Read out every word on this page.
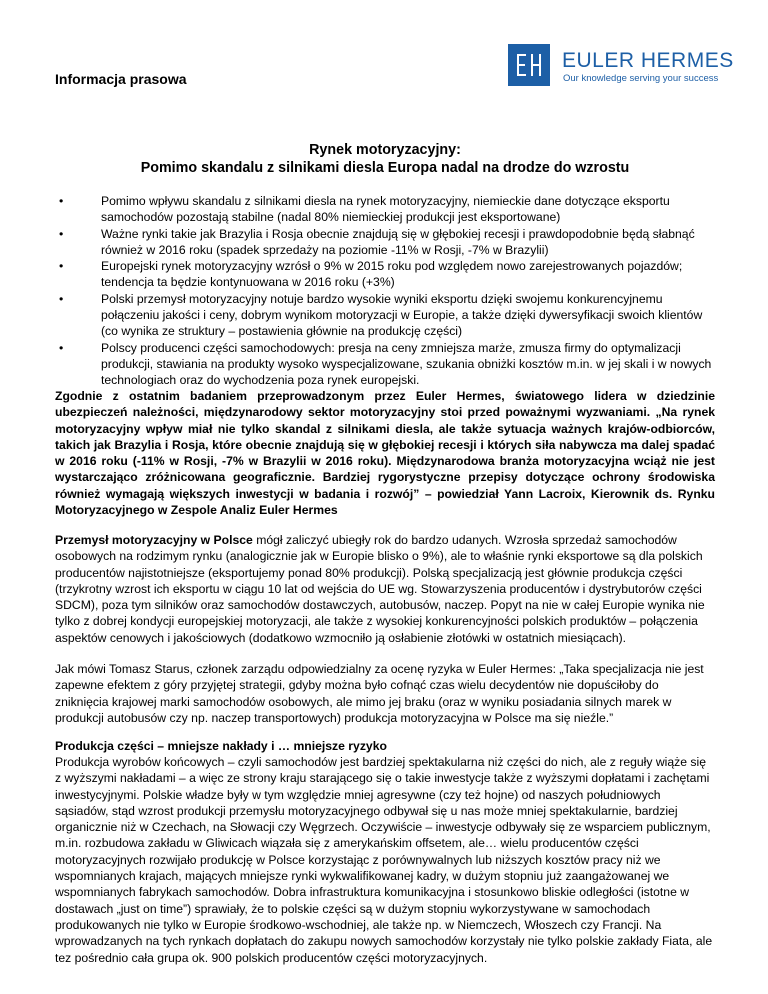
EULER HERMES
Our knowledge serving your success
Informacja prasowa
Rynek motoryzacyjny:
Pomimo skandalu z silnikami diesla Europa nadal na drodze do wzrostu
•	Pomimo wpływu skandalu z silnikami diesla na rynek motoryzacyjny, niemieckie dane dotyczące eksportu samochodów pozostają stabilne (nadal 80% niemieckiej produkcji jest eksportowane)
•	Ważne rynki takie jak Brazylia i Rosja obecnie znajdują się w głębokiej recesji i prawdopodobnie będą słabnąć również w 2016 roku (spadek sprzedaży na poziomie -11% w Rosji, -7% w Brazylii)
•	Europejski rynek motoryzacyjny wzrósł o 9% w 2015 roku pod względem nowo zarejestrowanych pojazdów; tendencja ta będzie kontynuowana w 2016 roku (+3%)
•	Polski przemysł motoryzacyjny notuje bardzo wysokie wyniki eksportu dzięki swojemu konkurencyjnemu połączeniu jakości i ceny, dobrym wynikom motoryzacji w Europie, a także dzięki dywersyfikacji swoich klientów (co wynika ze struktury – postawienia głównie na produkcję części)
•	Polscy producenci części samochodowych: presja na ceny zmniejsza marże, zmusza firmy do optymalizacji produkcji, stawiania na produkty wysoko wyspecjalizowane, szukania obniżki kosztów m.in. w jej skali i w nowych technologiach oraz do wychodzenia poza rynek europejski.

Zgodnie z ostatnim badaniem przeprowadzonym przez Euler Hermes, światowego lidera w dziedzinie ubezpieczeń należności, międzynarodowy sektor motoryzacyjny stoi przed poważnymi wyzwaniami. „Na rynek motoryzacyjny wpływ miał nie tylko skandal z silnikami diesla, ale także sytuacja ważnych krajów-odbiorców, takich jak Brazylia i Rosja, które obecnie znajdują się w głębokiej recesji i których siła nabywcza ma dalej spadać w 2016 roku (-11% w Rosji, -7% w Brazylii w 2016 roku). Międzynarodowa branża motoryzacyjna wciąż nie jest wystarczająco zróżnicowana geograficznie. Bardziej rygorystyczne przepisy dotyczące ochrony środowiska również wymagają większych inwestycji w badania i rozwój” – powiedział Yann Lacroix, Kierownik ds. Rynku Motoryzacyjnego w Zespole Analiz Euler Hermes

Przemysł motoryzacyjny w Polsce mógł zaliczyć ubiegły rok do bardzo udanych. Wzrosła sprzedaż samochodów osobowych na rodzimym rynku (analogicznie jak w Europie blisko o 9%), ale to właśnie rynki eksportowe są dla polskich producentów najistotniejsze (eksportujemy ponad 80% produkcji). Polską specjalizacją jest głównie produkcja części (trzykrotny wzrost ich eksportu w ciągu 10 lat od wejścia do UE wg. Stowarzyszenia producentów i dystrybutorów części SDCM), poza tym silników oraz samochodów dostawczych, autobusów, naczep. Popyt na nie w całej Europie wynika nie tylko z dobrej kondycji europejskiej motoryzacji, ale także z wysokiej konkurencyjności polskich produktów – połączenia aspektów cenowych i jakościowych (dodatkowo wzmocniło ją osłabienie złotówki w ostatnich miesiącach).

Jak mówi Tomasz Starus, członek zarządu odpowiedzialny za ocenę ryzyka w Euler Hermes: „Taka specjalizacja nie jest zapewne efektem z góry przyjętej strategii, gdyby można było cofnąć czas wielu decydentów nie dopuściłoby do zniknięcia krajowej marki samochodów osobowych, ale mimo jej braku (oraz w wyniku posiadania silnych marek w produkcji autobusów czy np. naczep transportowych) produkcja motoryzacyjna w Polsce ma się nieźle.”

Produkcja części – mniejsze nakłady i … mniejsze ryzyko

Produkcja wyrobów końcowych – czyli samochodów jest bardziej spektakularna niż części do nich, ale z reguły wiąże się z wyższymi nakładami – a więc ze strony kraju starającego się o takie inwestycje także z wyższymi dopłatami i zachętami inwestycyjnymi. Polskie władze były w tym względzie mniej agresywne (czy też hojne) od naszych południowych sąsiadów, stąd wzrost produkcji przemysłu motoryzacyjnego odbywał się u nas może mniej spektakularnie, bardziej organicznie niż w Czechach, na Słowacji czy Węgrzech. Oczywiście – inwestycje odbywały się ze wsparciem publicznym, m.in. rozbudowa zakładu w Gliwicach wiązała się z amerykańskim offsetem, ale… wielu producentów części motoryzacyjnych rozwijało produkcję w Polsce korzystając z porównywalnych lub niższych kosztów pracy niż we wspomnianych krajach, mających mniejsze rynki wykwalifikowanej kadry, w dużym stopniu już zaangażowanej we wspomnianych fabrykach samochodów. Dobra infrastruktura komunikacyjna i stosunkowo bliskie odległości (istotne w dostawach „just on time”) sprawiały, że to polskie części są w dużym stopniu wykorzystywane w samochodach produkowanych nie tylko w Europie środkowo-wschodniej, ale także np. w Niemczech, Włoszech czy Francji. Na wprowadzanych na tych rynkach dopłatach do zakupu nowych samochodów korzystały nie tylko polskie zakłady Fiata, ale tez pośrednio cała grupa ok. 900 polskich producentów części motoryzacyjnych.
